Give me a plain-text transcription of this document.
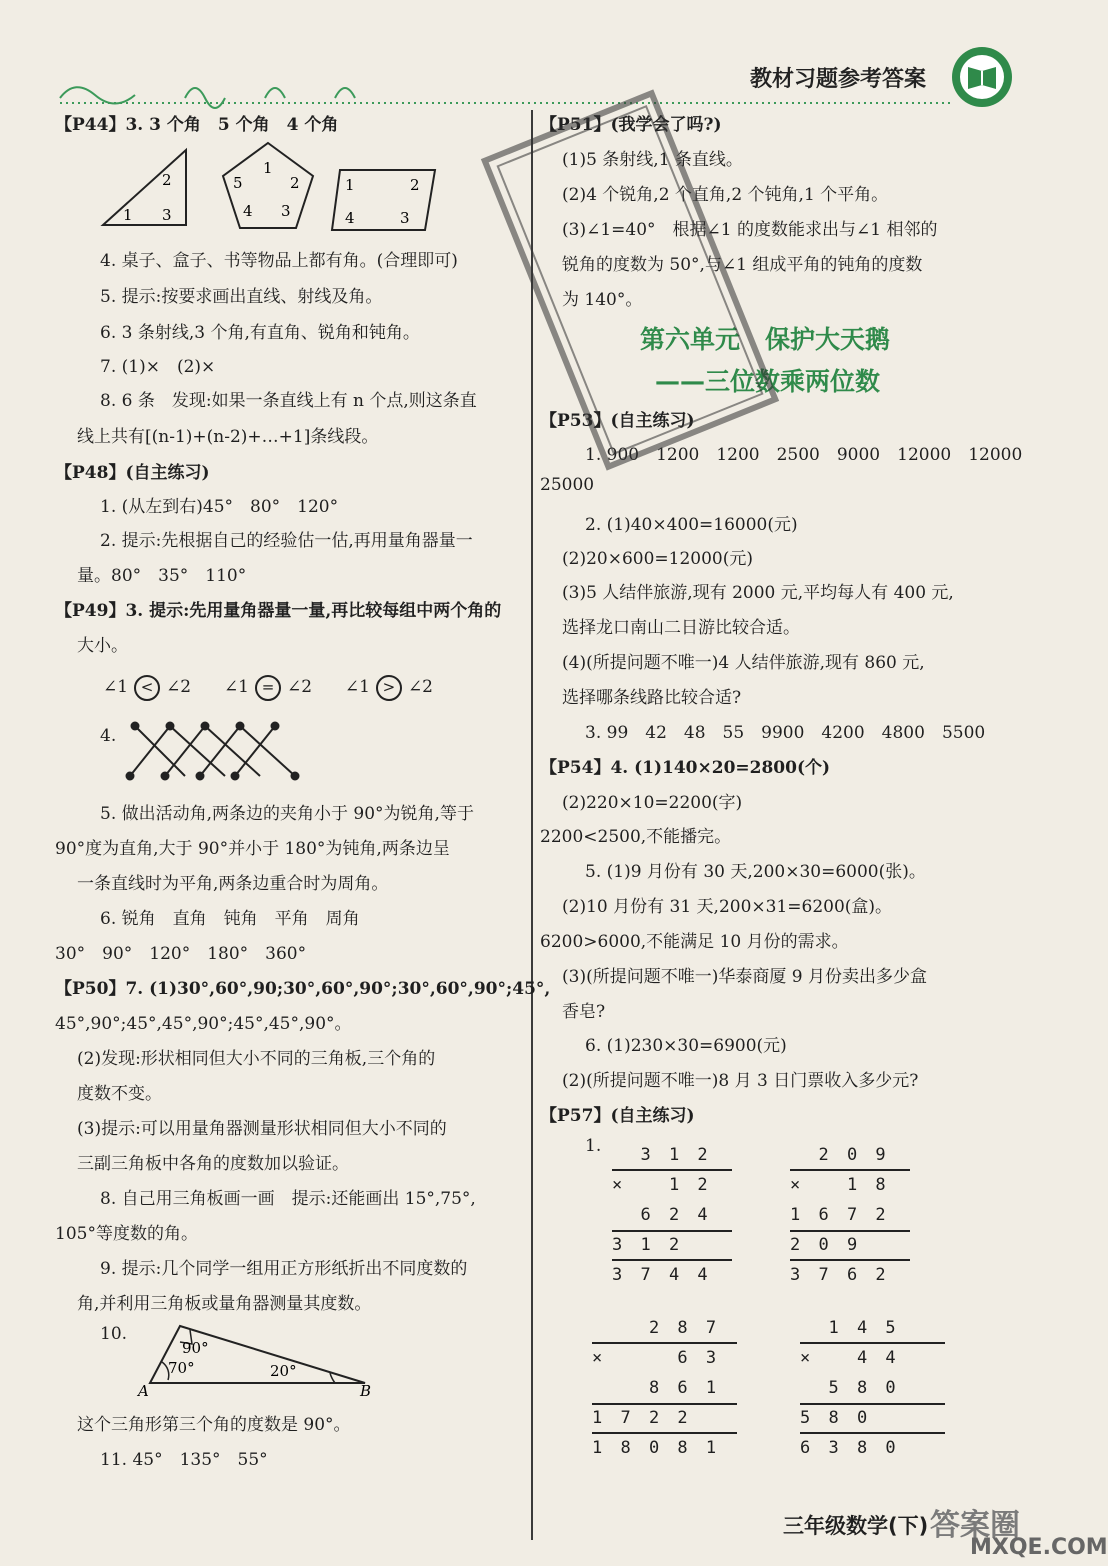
教材习题参考答案
【P44】3. 3 个角　5 个角　4 个角
4. 桌子、盒子、书等物品上都有角。(合理即可)
5. 提示:按要求画出直线、射线及角。
6. 3 条射线,3 个角,有直角、锐角和钝角。
7. (1)×　(2)×
8. 6 条　发现:如果一条直线上有 n 个点,则这条直
线上共有[(n-1)+(n-2)+…+1]条线段。
【P48】(自主练习)
1. (从左到右)45°　80°　120°
2. 提示:先根据自己的经验估一估,再用量角器量一
量。80°　35°　110°
【P49】3. 提示:先用量角器量一量,再比较每组中两个角的
大小。
4.
5. 做出活动角,两条边的夹角小于 90°为锐角,等于
90°度为直角,大于 90°并小于 180°为钝角,两条边呈
一条直线时为平角,两条边重合时为周角。
6. 锐角　直角　钝角　平角　周角
30°　90°　120°　180°　360°
【P50】7. (1)30°,60°,90;30°,60°,90°;30°,60°,90°;45°,
45°,90°;45°,45°,90°;45°,45°,90°。
(2)发现:形状相同但大小不同的三角板,三个角的
度数不变。
(3)提示:可以用量角器测量形状相同但大小不同的
三副三角板中各角的度数加以验证。
8. 自己用三角板画一画　提示:还能画出 15°,75°,
105°等度数的角。
9. 提示:几个同学一组用正方形纸折出不同度数的
角,并利用三角板或量角器测量其度数。
10.
这个三角形第三个角的度数是 90°。
11. 45°　135°　55°
2
1 3
1
5	2
4 3
1	2
4	3
∠1 < ∠2 ∠1 = ∠2 ∠1 > ∠2
90°
70°	20°
A	B
【P51】(我学会了吗?)
(1)5 条射线,1 条直线。
(2)4 个锐角,2 个直角,2 个钝角,1 个平角。
(3)∠1=40°　根据∠1 的度数能求出与∠1 相邻的
锐角的度数为 50°,与∠1 组成平角的钝角的度数
为 140°。
【P53】(自主练习)
1. 900　1200　1200　2500　9000　12000　12000
25000
2. (1)40×400=16000(元)
(2)20×600=12000(元)
(3)5 人结伴旅游,现有 2000 元,平均每人有 400 元,
选择龙口南山二日游比较合适。
(4)(所提问题不唯一)4 人结伴旅游,现有 860 元,
选择哪条线路比较合适?
3. 99　42　48　55　9900　4200　4800　5500
【P54】4. (1)140×20=2800(个)
(2)220×10=2200(字)
2200<2500,不能播完。
5. (1)9 月份有 30 天,200×30=6000(张)。
(2)10 月份有 31 天,200×31=6200(盒)。
6200>6000,不能满足 10 月份的需求。
(3)(所提问题不唯一)华泰商厦 9 月份卖出多少盒
香皂?
6. (1)230×30=6900(元)
(2)(所提问题不唯一)8 月 3 日门票收入多少元?
【P57】(自主练习)
1.
第六单元　保护大天鹅
——三位数乘两位数
3 1 2
×   1 2
6 2 4
3 1 2
3 7 4 4
2 0 9
×   1 8
1 6 7 2
2 0 9
3 7 6 2
2 8 7
×     6 3
8 6 1
1 7 2 2
1 8 0 8 1
1 4 5
×   4 4
5 8 0
5 8 0
6 3 8 0
三年级数学(下) 答案圈
MXQE.COM
